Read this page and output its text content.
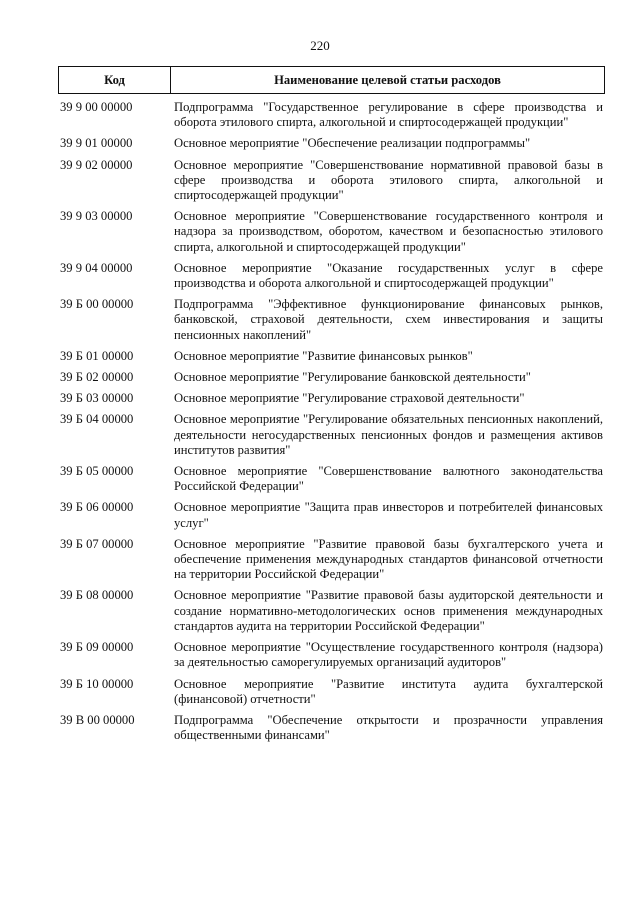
220
Код	Наименование целевой статьи расходов
39 9 00 00000	Подпрограмма "Государственное регулирование в сфере производства и оборота этилового спирта, алкогольной и спиртосодержащей продукции"
39 9 01 00000	Основное мероприятие "Обеспечение реализации подпрограммы"
39 9 02 00000	Основное мероприятие "Совершенствование нормативной правовой базы в сфере производства и оборота этилового спирта, алкогольной и спиртосодержащей продукции"
39 9 03 00000	Основное мероприятие "Совершенствование государственного контроля и надзора за производством, оборотом, качеством и безопасностью этилового спирта, алкогольной и спиртосодержащей продукции"
39 9 04 00000	Основное мероприятие "Оказание государственных услуг в сфере производства и оборота алкогольной и спиртосодержащей продукции"
39 Б 00 00000	Подпрограмма "Эффективное функционирование финансовых рынков, банковской, страховой деятельности, схем инвестирования и защиты пенсионных накоплений"
39 Б 01 00000	Основное мероприятие "Развитие финансовых рынков"
39 Б 02 00000	Основное мероприятие "Регулирование банковской деятельности"
39 Б 03 00000	Основное мероприятие "Регулирование страховой деятельности"
39 Б 04 00000	Основное мероприятие "Регулирование обязательных пенсионных накоплений, деятельности негосударственных пенсионных фондов и размещения активов институтов развития"
39 Б 05 00000	Основное мероприятие "Совершенствование валютного законодательства Российской Федерации"
39 Б 06 00000	Основное мероприятие "Защита прав инвесторов и потребителей финансовых услуг"
39 Б 07 00000	Основное мероприятие "Развитие правовой базы бухгалтерского учета и обеспечение применения международных стандартов финансовой отчетности на территории Российской Федерации"
39 Б 08 00000	Основное мероприятие "Развитие правовой базы аудиторской деятельности и создание нормативно-методологических основ применения международных стандартов аудита на территории Российской Федерации"
39 Б 09 00000	Основное мероприятие "Осуществление государственного контроля (надзора) за деятельностью саморегулируемых организаций аудиторов"
39 Б 10 00000	Основное мероприятие "Развитие института аудита бухгалтерской (финансовой) отчетности"
39 В 00 00000	Подпрограмма "Обеспечение открытости и прозрачности управления общественными финансами"
